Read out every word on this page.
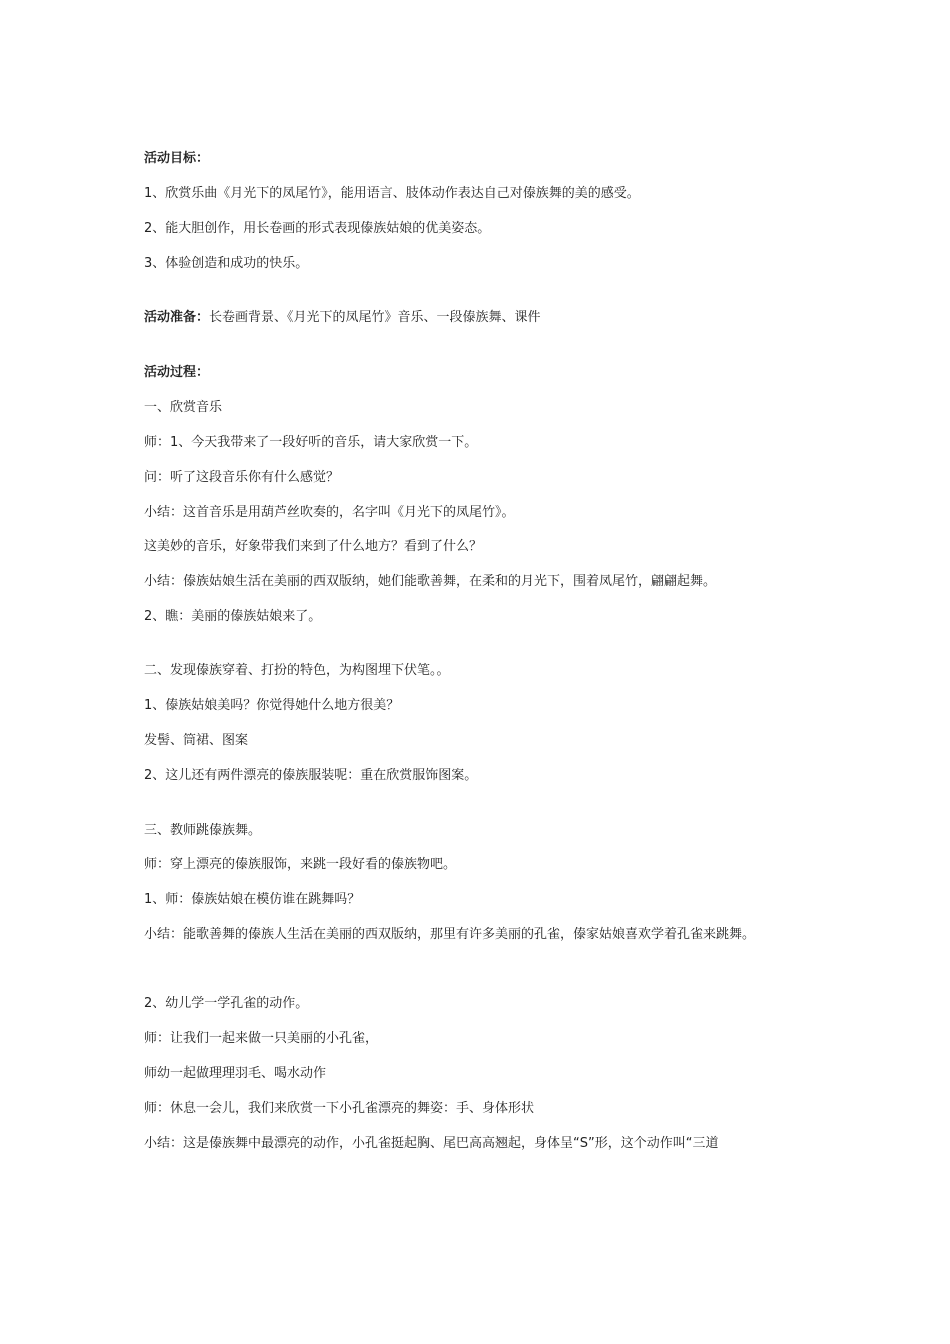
活动目标：
1、欣赏乐曲《月光下的凤尾竹》，能用语言、肢体动作表达自己对傣族舞的美的感受。
2、能大胆创作，用长卷画的形式表现傣族姑娘的优美姿态。
3、体验创造和成功的快乐。
活动准备：长卷画背景、《月光下的凤尾竹》音乐、一段傣族舞、课件
活动过程：
一、欣赏音乐
师：1、今天我带来了一段好听的音乐，请大家欣赏一下。
问：听了这段音乐你有什么感觉？
小结：这首音乐是用葫芦丝吹奏的，名字叫《月光下的凤尾竹》。
这美妙的音乐，好象带我们来到了什么地方？看到了什么？
小结：傣族姑娘生活在美丽的西双版纳，她们能歌善舞，在柔和的月光下，围着凤尾竹，翩翩起舞。
2、瞧：美丽的傣族姑娘来了。
二、发现傣族穿着、打扮的特色，为构图埋下伏笔。。
1、傣族姑娘美吗？你觉得她什么地方很美？
发髻、筒裙、图案
2、这儿还有两件漂亮的傣族服装呢：重在欣赏服饰图案。
三、教师跳傣族舞。
师：穿上漂亮的傣族服饰，来跳一段好看的傣族物吧。
1、师：傣族姑娘在模仿谁在跳舞吗？
小结：能歌善舞的傣族人生活在美丽的西双版纳，那里有许多美丽的孔雀，傣家姑娘喜欢学着孔雀来跳舞。
2、幼儿学一学孔雀的动作。
师：让我们一起来做一只美丽的小孔雀，
师幼一起做理理羽毛、喝水动作
师：休息一会儿，我们来欣赏一下小孔雀漂亮的舞姿：手、身体形状
小结：这是傣族舞中最漂亮的动作，小孔雀挺起胸、尾巴高高翘起，身体呈“S”形，这个动作叫“三道
